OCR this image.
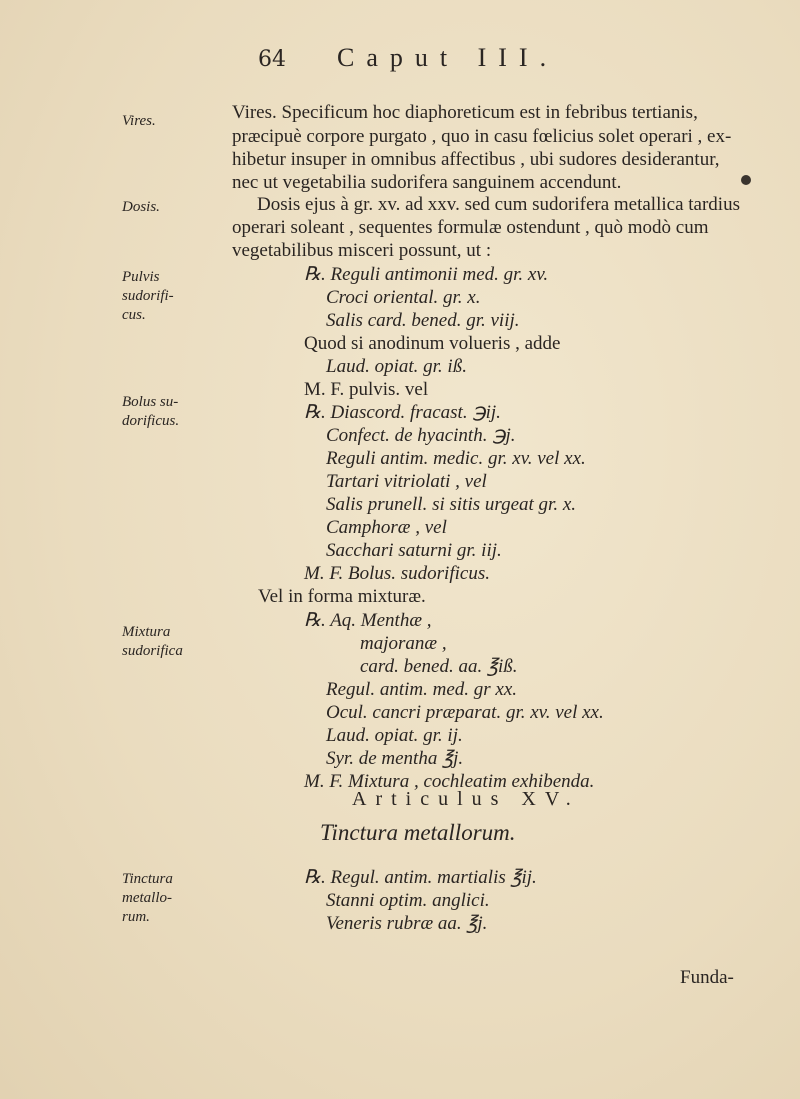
64 Caput III.
Vires.
Dosis.
Pulvis sudorifi- cus.
Bolus su- dorificus.
Mixtura sudorifica
Tinctura metallo- rum.
Vires. Specificum hoc diaphoreticum est in febribus tertianis,
præcipuè corpore purgato , quo in casu fœlicius solet operari , ex-
hibetur insuper in omnibus affectibus , ubi sudores desiderantur,
nec ut vegetabilia sudorifera sanguinem accendunt.
Dosis ejus à gr. xv. ad xxv. sed cum sudorifera metallica tardius
operari soleant , sequentes formulæ ostendunt , quò modò cum
vegetabilibus misceri possunt, ut :
℞. Reguli antimonii med. gr. xv.
Croci oriental. gr. x.
Salis card. bened. gr. viij.
Quod si anodinum volueris , adde
Laud. opiat. gr. iß.
M. F. pulvis. vel
℞. Diascord. fracast. ℈ij.
Confect. de hyacinth. ℈j.
Reguli antim. medic. gr. xv. vel xx.
Tartari vitriolati , vel
Salis prunell. si sitis urgeat gr. x.
Camphoræ , vel
Sacchari saturni gr. iij.
M. F. Bolus. sudorificus.
Vel in forma mixturæ.
℞. Aq. Menthæ ,
majoranæ ,
card. bened. aa. ℥iß.
Regul. antim. med. gr xx.
Ocul. cancri præparat. gr. xv. vel xx.
Laud. opiat. gr. ij.
Syr. de mentha ℥j.
M. F. Mixtura , cochleatim exhibenda.
Articulus XV.
Tinctura metallorum.
℞. Regul. antim. martialis ℥ij.
Stanni optim. anglici.
Veneris rubræ aa. ℥j.
Funda-
